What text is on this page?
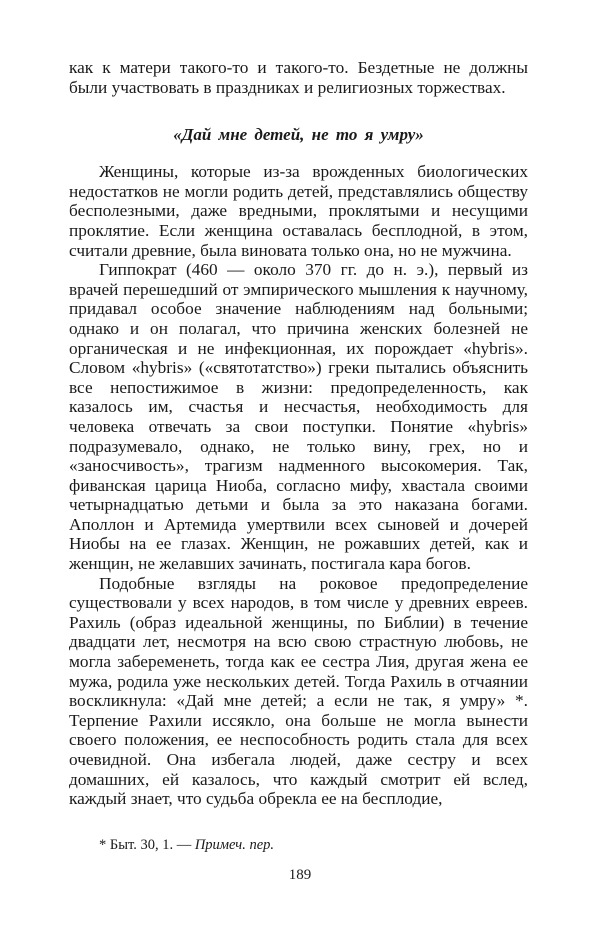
как к матери такого-то и такого-то. Бездетные не должны были участвовать в праздниках и религиозных торжествах.

«Дай мне детей, не то я умру»

Женщины, которые из-за врожденных биологических недостатков не могли родить детей, представлялись обществу бесполезными, даже вредными, проклятыми и несущими проклятие. Если женщина оставалась бесплодной, в этом, считали древние, была виновата только она, но не мужчина.

Гиппократ (460 — около 370 гг. до н. э.), первый из врачей перешедший от эмпирического мышления к научному, придавал особое значение наблюдениям над больными; однако и он полагал, что причина женских болезней не органическая и не инфекционная, их порождает «hybris». Словом «hybris» («святотатство») греки пытались объяснить все непостижимое в жизни: предопределенность, как казалось им, счастья и несчастья, необходимость для человека отвечать за свои поступки. Понятие «hybris» подразумевало, однако, не только вину, грех, но и «заносчивость», трагизм надменного высокомерия. Так, фиванская царица Ниоба, согласно мифу, хвастала своими четырнадцатью детьми и была за это наказана богами. Аполлон и Артемида умертвили всех сыновей и дочерей Ниобы на ее глазах. Женщин, не рожавших детей, как и женщин, не желавших зачинать, постигала кара богов.

Подобные взгляды на роковое предопределение существовали у всех народов, в том числе у древних евреев. Рахиль (образ идеальной женщины, по Библии) в течение двадцати лет, несмотря на всю свою страстную любовь, не могла забеременеть, тогда как ее сестра Лия, другая жена ее мужа, родила уже нескольких детей. Тогда Рахиль в отчаянии воскликнула: «Дай мне детей; а если не так, я умру» *. Терпение Рахили иссякло, она больше не могла вынести своего положения, ее неспособность родить стала для всех очевидной. Она избегала людей, даже сестру и всех домашних, ей казалось, что каждый смотрит ей вслед, каждый знает, что судьба обрекла ее на бесплодие,

* Быт. 30, 1. — Примеч. пер.

189
